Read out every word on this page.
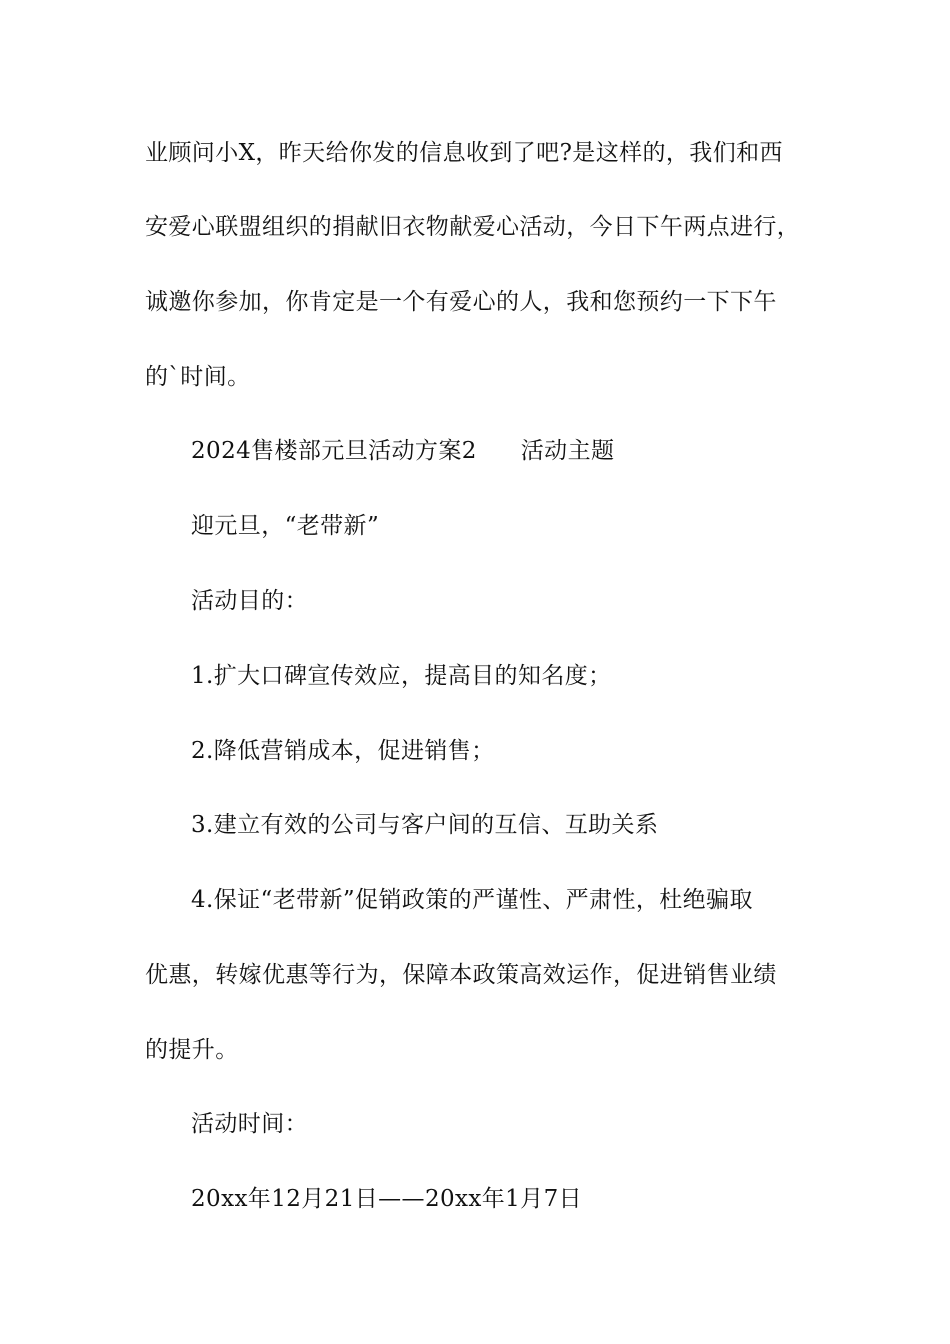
业顾问小X，昨天给你发的信息收到了吧?是这样的，我们和西
安爱心联盟组织的捐献旧衣物献爱心活动，今日下午两点进行，
诚邀你参加，你肯定是一个有爱心的人，我和您预约一下下午
的`时间。
2024售楼部元旦活动方案2 活动主题
迎元旦，“老带新”
活动目的：
1.扩大口碑宣传效应，提高目的知名度；
2.降低营销成本，促进销售；
3.建立有效的公司与客户间的互信、互助关系
4.保证“老带新”促销政策的严谨性、严肃性，杜绝骗取
优惠，转嫁优惠等行为，保障本政策高效运作，促进销售业绩
的提升。
活动时间：
20xx年12月21日——20xx年1月7日
